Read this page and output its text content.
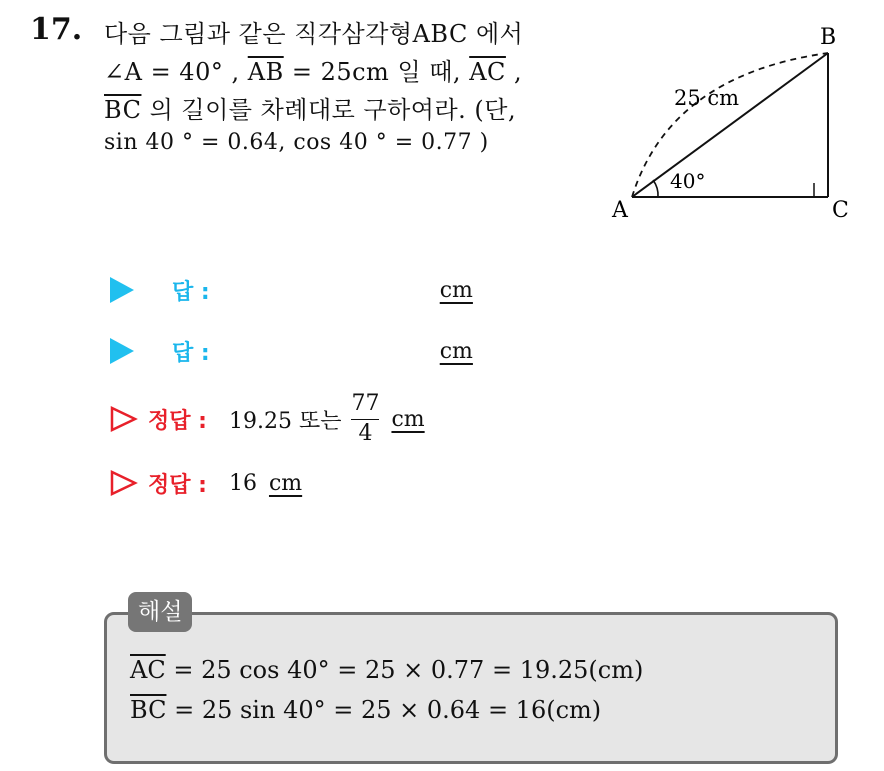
17. 다음 그림과 같은 직각삼각형ABC 에서
∠A = 40° , $\overline{AB} = 25cm$ 일 때, $\overline{AC}$ ,
$\overline{BC}$ 의 길이를 차례대로 구하여라. (단,
sin 40 ° = 0.64, cos 40 ° = 0.77 )
A
B
C
25 cm
40°
답 :	cm
답 :	cm
정답 : 19.25 또는 $\frac{77}{4}$ cm
정답 : 16 cm
해설
$\overline{AC} = 25$ cos 40° = 25 × 0.77 = 19.25(cm)
$\overline{BC} = 25$ sin 40° = 25 × 0.64 = 16(cm)
